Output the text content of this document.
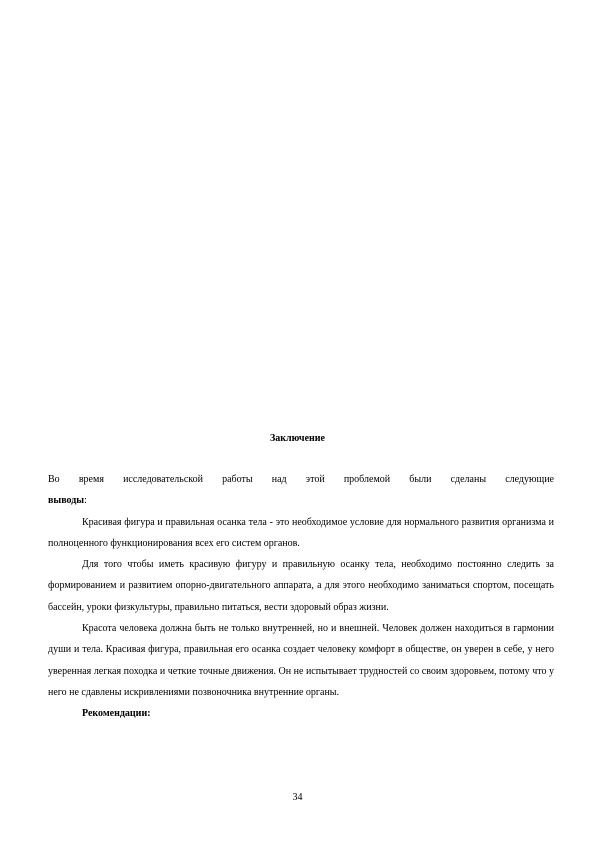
Заключение

Во время исследовательской работы над этой проблемой были сделаны следующие

выводы:

Красивая фигура и правильная осанка тела - это необходимое условие для нормального развития организма и полноценного функционирования всех его систем органов.

Для того чтобы иметь красивую фигуру и правильную осанку тела, необходимо постоянно следить за формированием и развитием опорно-двигательного аппарата, а для этого необходимо заниматься спортом, посещать бассейн, уроки физкультуры, правильно питаться, вести здоровый образ жизни.

Красота человека должна быть не только внутренней, но и внешней. Человек должен находиться в гармонии души и тела. Красивая фигура, правильная его осанка создает человеку комфорт в обществе, он уверен в себе, у него уверенная легкая походка и четкие точные движения. Он не испытывает трудностей со своим здоровьем, потому что у него не сдавлены искривлениями позвоночника внутренние органы.

Рекомендации:

34
